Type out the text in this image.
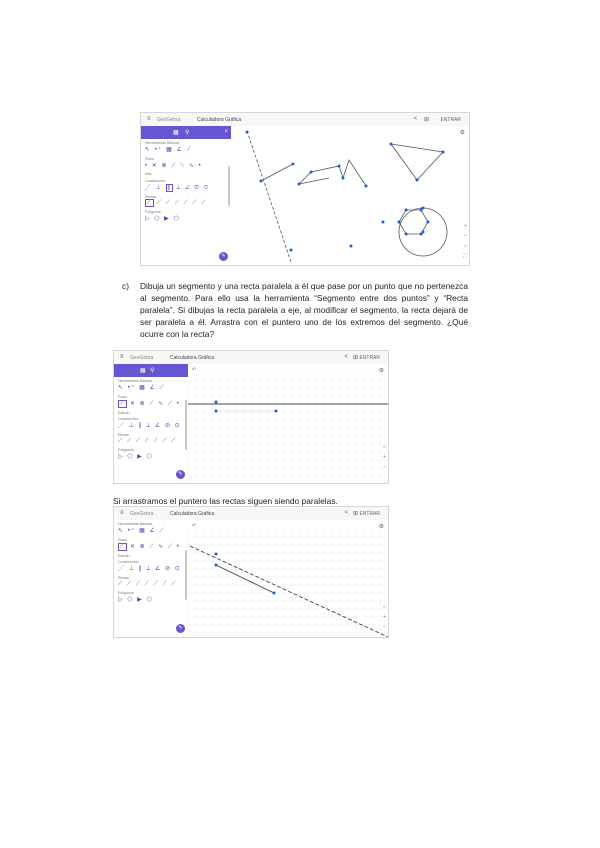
≡ GeoGebra	Calculadora Gráfica	< ⊞ ENTRAR
▦ ⚲	×
Herramientas Básicas
↖ •⁺ ▦ ∠ ⟋
Punto
• ✕ ⊗ ⟋ ⟍ ∿ •
Más
Construcción
⋰ ⊥ ∥ ⟂ ∠ ⊘ ⊙
Rectas
⟋ ⟋ ⟋ ⟋ ⟋ ⟋ ⟋
Polígonos
▷ ⬠ ▶ ⬡
✎
⚙
+
−
⌂
⛶
c) Dibuja un segmento y una recta paralela a él que pase por un punto que no pertenezca al segmento. Para ello usa la herramienta “Segmento entre dos puntos” y “Recta paralela”. Si dibujas la recta paralela a eje, al modificar el segmento, la recta dejará de ser paralela a él. Arrastra con el puntero uno de los extremos del segmento. ¿Qué ocurre con la recta?
≡ GeoGebra	Calculadora Gráfica	< ⊞ ENTRAR
▦ ⚲
Herramientas Básicas
↖ •⁺ ▦ ∠ ⟋
Punto
⟋ ✕ ⊗ ⟋ ∿ ⟋ •
Edición
Construcción
⋰ ⊥ ∥ ⟂ ∠ ⊘ ⊙
Rectas
⟋ ⟋ ⟋ ⟋ ⟋ ⟋ ⟋
Polígonos
▷ ⬠ ▶ ⬡
✎
↶	⚙
⌂
+
−
Si arrastramos el puntero las rectas siguen siendo paralelas.
≡ GeoGebra	Calculadora Gráfica	< ⊞ ENTRAR
Herramientas Básicas
↖ •⁺ ▦ ∠ ⟋
Punto
⟋ ✕ ⊗ ⟋ ∿ ⟋ •
Edición
Construcción
⋰ ⊥ ∥ ⟂ ∠ ⊘ ⊙
Rectas
⟋ ⟋ ⟋ ⟋ ⟋ ⟋ ⟋
Polígonos
▷ ⬠ ▶ ⬡
✎
↶	⚙
⌂
+
−
